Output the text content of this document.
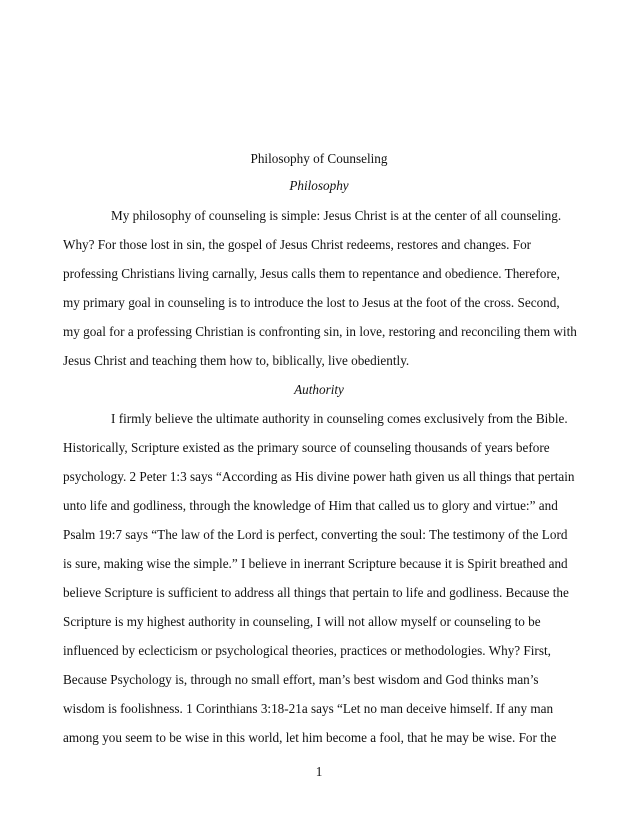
Philosophy of Counseling
Philosophy
My philosophy of counseling is simple: Jesus Christ is at the center of all counseling.
Why? For those lost in sin, the gospel of Jesus Christ redeems, restores and changes. For
professing Christians living carnally, Jesus calls them to repentance and obedience. Therefore,
my primary goal in counseling is to introduce the lost to Jesus at the foot of the cross. Second,
my goal for a professing Christian is confronting sin, in love, restoring and reconciling them with
Jesus Christ and teaching them how to, biblically, live obediently.
Authority
I firmly believe the ultimate authority in counseling comes exclusively from the Bible.
Historically, Scripture existed as the primary source of counseling thousands of years before
psychology. 2 Peter 1:3 says “According as His divine power hath given us all things that pertain
unto life and godliness, through the knowledge of Him that called us to glory and virtue:” and
Psalm 19:7 says “The law of the Lord is perfect, converting the soul: The testimony of the Lord
is sure, making wise the simple.” I believe in inerrant Scripture because it is Spirit breathed and
believe Scripture is sufficient to address all things that pertain to life and godliness. Because the
Scripture is my highest authority in counseling, I will not allow myself or counseling to be
influenced by eclecticism or psychological theories, practices or methodologies. Why? First,
Because Psychology is, through no small effort, man’s best wisdom and God thinks man’s
wisdom is foolishness. 1 Corinthians 3:18-21a says “Let no man deceive himself. If any man
among you seem to be wise in this world, let him become a fool, that he may be wise. For the
1
